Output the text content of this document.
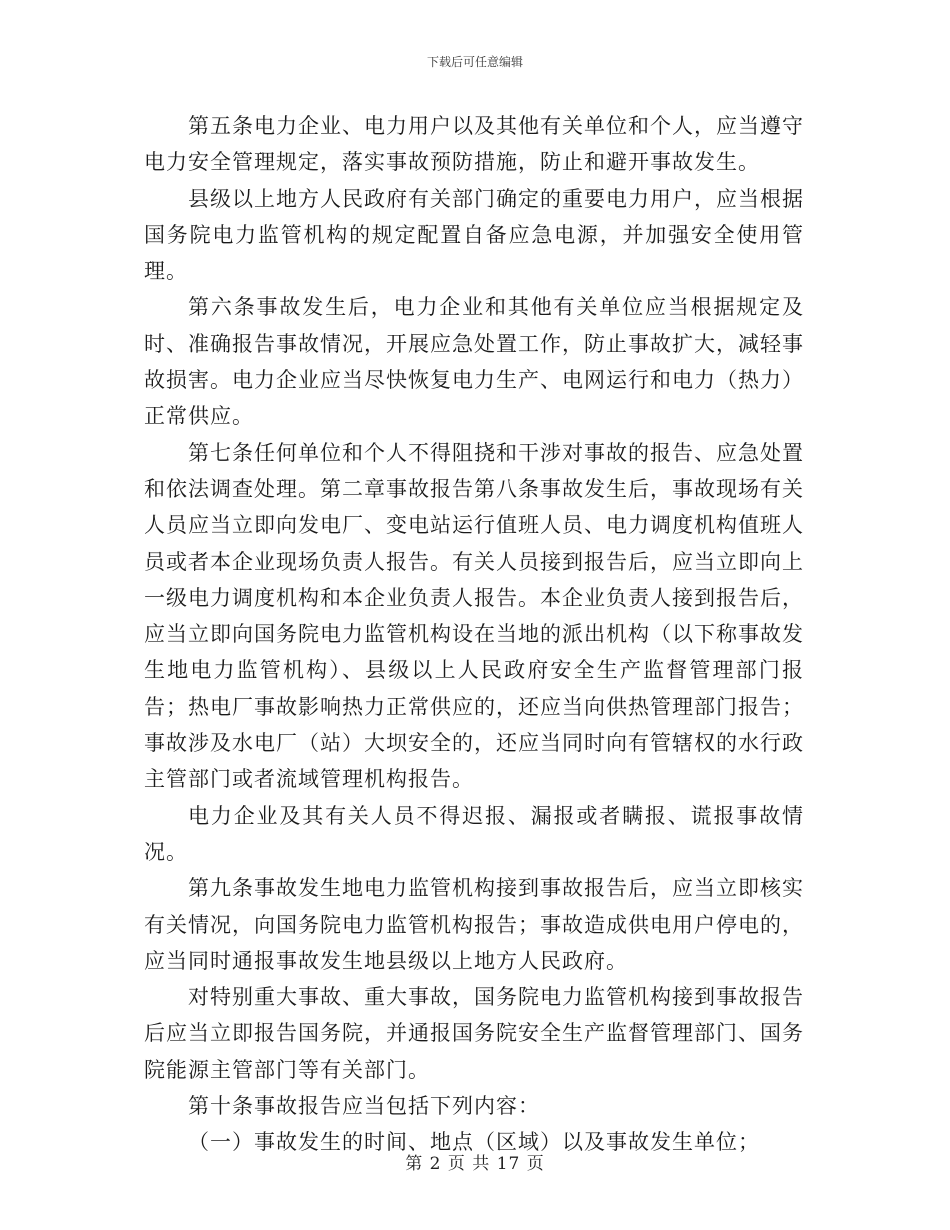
下载后可任意编辑

第五条电力企业、电力用户以及其他有关单位和个人，应当遵守电力安全管理规定，落实事故预防措施，防止和避开事故发生。

县级以上地方人民政府有关部门确定的重要电力用户，应当根据国务院电力监管机构的规定配置自备应急电源，并加强安全使用管理。

第六条事故发生后，电力企业和其他有关单位应当根据规定及时、准确报告事故情况，开展应急处置工作，防止事故扩大，减轻事故损害。电力企业应当尽快恢复电力生产、电网运行和电力（热力）正常供应。

第七条任何单位和个人不得阻挠和干涉对事故的报告、应急处置和依法调查处理。第二章事故报告第八条事故发生后，事故现场有关人员应当立即向发电厂、变电站运行值班人员、电力调度机构值班人员或者本企业现场负责人报告。有关人员接到报告后，应当立即向上一级电力调度机构和本企业负责人报告。本企业负责人接到报告后，应当立即向国务院电力监管机构设在当地的派出机构（以下称事故发生地电力监管机构）、县级以上人民政府安全生产监督管理部门报告；热电厂事故影响热力正常供应的，还应当向供热管理部门报告；事故涉及水电厂（站）大坝安全的，还应当同时向有管辖权的水行政主管部门或者流域管理机构报告。

电力企业及其有关人员不得迟报、漏报或者瞒报、谎报事故情况。

第九条事故发生地电力监管机构接到事故报告后，应当立即核实有关情况，向国务院电力监管机构报告；事故造成供电用户停电的，应当同时通报事故发生地县级以上地方人民政府。

对特别重大事故、重大事故，国务院电力监管机构接到事故报告后应当立即报告国务院，并通报国务院安全生产监督管理部门、国务院能源主管部门等有关部门。

第十条事故报告应当包括下列内容：

（一）事故发生的时间、地点（区域）以及事故发生单位；

第 2 页 共 17 页
